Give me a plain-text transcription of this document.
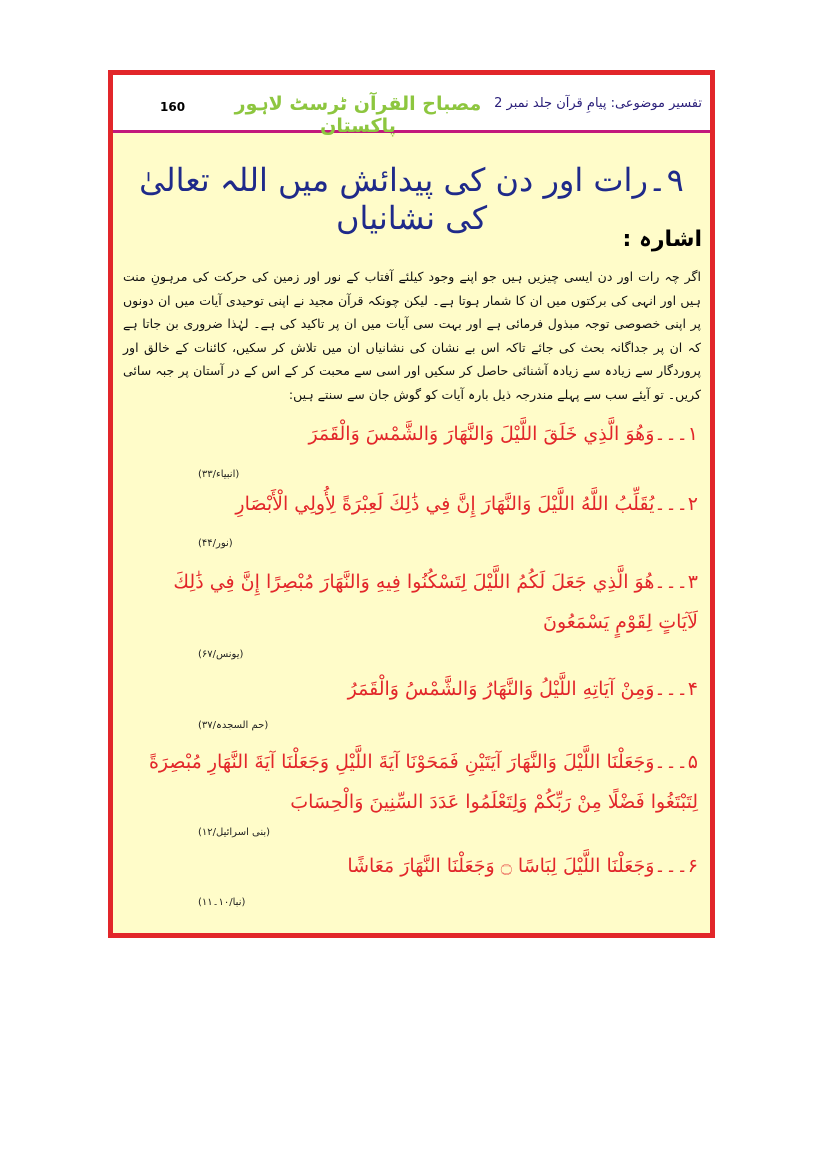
160	مصباح القرآن ٹرسٹ لاہور پاکستان
تفسیر موضوعی: پیامِ قرآن جلد نمبر 2
۹۔رات اور دن کی پیدائش میں اللہ تعالیٰ کی نشانیاں
اشارہ :
اگر چہ رات اور دن ایسی چیزیں ہیں جو اپنے وجود کیلئے آفتاب کے نور اور زمین کی حرکت کی مرہونِ منت ہیں اور انہی کی برکتوں میں ان کا شمار ہوتا ہے۔ لیکن چونکہ قرآن مجید نے اپنی توحیدی آیات میں ان دونوں پر اپنی خصوصی توجہ مبذول فرمائی ہے اور بہت سی آیات میں ان پر تاکید کی ہے۔ لہٰذا ضروری بن جاتا ہے کہ ان پر جداگانہ بحث کی جائے تاکہ اس بے نشان کی نشانیاں ان میں تلاش کر سکیں، کائنات کے خالق اور پروردگار سے زیادہ سے زیادہ آشنائی حاصل کر سکیں اور اسی سے محبت کر کے اس کے در آستان پر جبہ سائی کریں۔ تو آیئے سب سے پہلے مندرجہ ذیل بارہ آیات کو گوش جان سے سنتے ہیں:
۱۔۔۔وَهُوَ الَّذِي خَلَقَ اللَّيْلَ وَالنَّهَارَ وَالشَّمْسَ وَالْقَمَرَ
(انبیاء/۳۳)
۲۔۔۔يُقَلِّبُ اللَّهُ اللَّيْلَ وَالنَّهَارَ إِنَّ فِي ذَٰلِكَ لَعِبْرَةً لِأُولِي الْأَبْصَارِ
(نور/۴۴)
۳۔۔۔هُوَ الَّذِي جَعَلَ لَكُمُ اللَّيْلَ لِتَسْكُنُوا فِيهِ وَالنَّهَارَ مُبْصِرًا إِنَّ فِي ذَٰلِكَ لَآيَاتٍ لِقَوْمٍ يَسْمَعُونَ
(یونس/۶۷)
۴۔۔۔وَمِنْ آيَاتِهِ اللَّيْلُ وَالنَّهَارُ وَالشَّمْسُ وَالْقَمَرُ
(حم السجدہ/۳۷)
۵۔۔۔وَجَعَلْنَا اللَّيْلَ وَالنَّهَارَ آيَتَيْنِ فَمَحَوْنَا آيَةَ اللَّيْلِ وَجَعَلْنَا آيَةَ النَّهَارِ مُبْصِرَةً لِتَبْتَغُوا فَضْلًا مِنْ رَبِّكُمْ وَلِتَعْلَمُوا عَدَدَ السِّنِينَ وَالْحِسَابَ
(بنی اسرائیل/۱۲)
۶۔۔۔وَجَعَلْنَا اللَّيْلَ لِبَاسًا ۝ وَجَعَلْنَا النَّهَارَ مَعَاشًا
(نبا/۱۰۔۱۱)
